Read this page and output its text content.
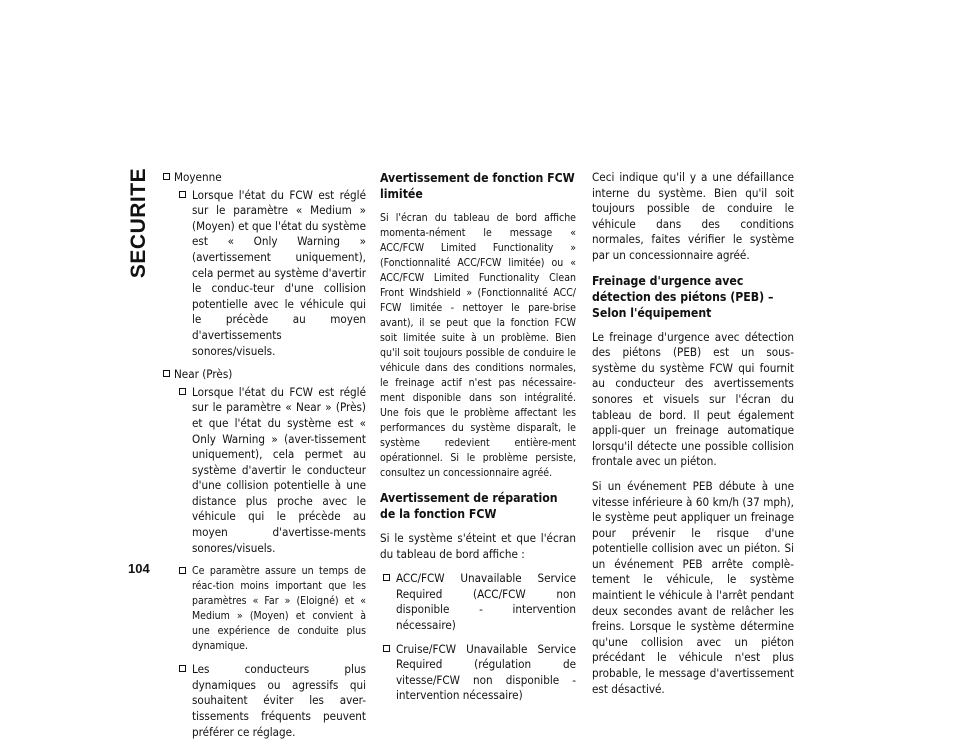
SECURITE
104
Moyenne
Lorsque l'état du FCW est réglé sur le paramètre « Medium » (Moyen) et que l'état du système est « Only Warning » (avertissement uniquement), cela permet au système d'avertir le conduc-teur d'une collision potentielle avec le véhicule qui le précède au moyen d'avertissements sonores/visuels.
Near (Près)
Lorsque l'état du FCW est réglé sur le paramètre « Near » (Près) et que l'état du système est « Only Warning » (aver-tissement uniquement), cela permet au système d'avertir le conducteur d'une collision potentielle à une distance plus proche avec le véhicule qui le précède au moyen d'avertisse-ments sonores/visuels.
Ce paramètre assure un temps de réac-tion moins important que les paramètres « Far » (Eloigné) et « Medium » (Moyen) et convient à une expérience de conduite plus dynamique.
Les conducteurs plus dynamiques ou agressifs qui souhaitent éviter les aver-tissements fréquents peuvent préférer ce réglage.
Avertissement de fonction FCW limitée

Si l'écran du tableau de bord affiche momenta-nément le message « ACC/FCW Limited Functionality » (Fonctionnalité ACC/FCW limitée) ou « ACC/FCW Limited Functionality Clean Front Windshield » (Fonctionnalité ACC/ FCW limitée - nettoyer le pare-brise avant), il se peut que la fonction FCW soit limitée suite à un problème. Bien qu'il soit toujours possible de conduire le véhicule dans des conditions normales, le freinage actif n'est pas nécessaire-ment disponible dans son intégralité. Une fois que le problème affectant les performances du système disparaît, le système redevient entière-ment opérationnel. Si le problème persiste, consultez un concessionnaire agréé.

Avertissement de réparation de la fonction FCW

Si le système s'éteint et que l'écran du tableau de bord affiche :

ACC/FCW Unavailable Service Required (ACC/FCW non disponible - intervention nécessaire)
Cruise/FCW Unavailable Service Required (régulation de vitesse/FCW non disponible - intervention nécessaire)

Ceci indique qu'il y a une défaillance interne du système. Bien qu'il soit toujours possible de conduire le véhicule dans des conditions normales, faites vérifier le système par un concessionnaire agréé.

Freinage d'urgence avec détection des piétons (PEB) – Selon l'équipement

Le freinage d'urgence avec détection des piétons (PEB) est un sous-système du système FCW qui fournit au conducteur des avertissements sonores et visuels sur l'écran du tableau de bord. Il peut également appli-quer un freinage automatique lorsqu'il détecte une possible collision frontale avec un piéton.

Si un événement PEB débute à une vitesse inférieure à 60 km/h (37 mph), le système peut appliquer un freinage pour prévenir le risque d'une potentielle collision avec un piéton. Si un événement PEB arrête complè-tement le véhicule, le système maintient le véhicule à l'arrêt pendant deux secondes avant de relâcher les freins. Lorsque le système détermine qu'une collision avec un piéton précédant le véhicule n'est plus probable, le message d'avertissement est désactivé.
